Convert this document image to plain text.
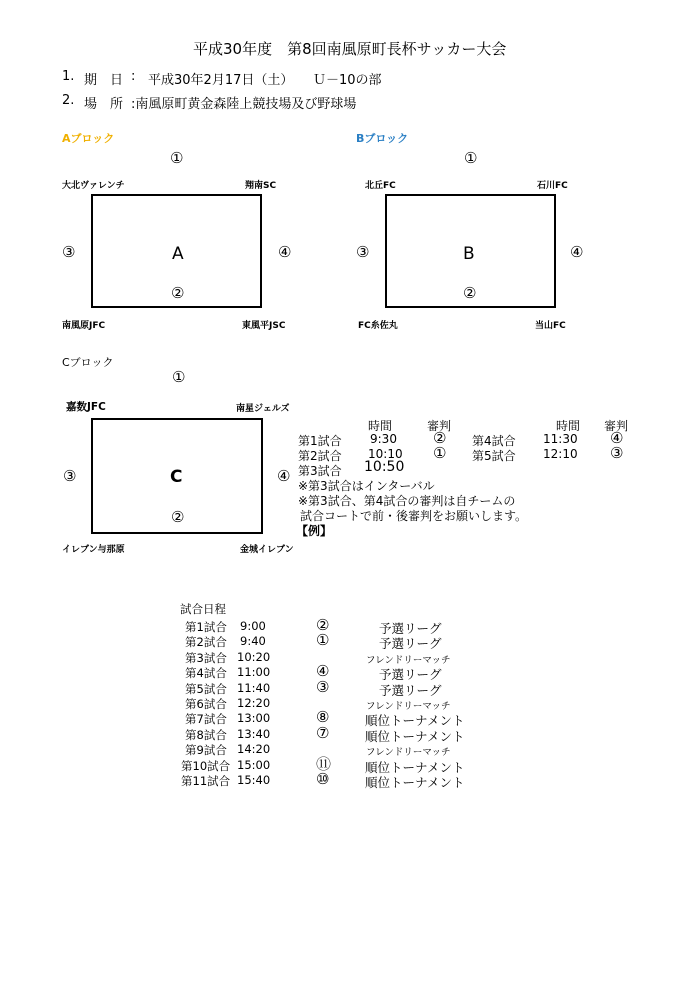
平成30年度　第8回南風原町長杯サッカー大会
1. 期　日 : 平成30年2月17日（土） Ｕ－10の部
2. 場　所 :南風原町黄金森陸上競技場及び野球場
Aブロック
①
大北ヴァレンチ	翔南SC
A
②
③	④
南風原JFC	東風平JSC
Bブロック
①
北丘FC	石川FC
B
②
③	④
FC糸佐丸	当山FC
Cブロック
①
嘉数JFC	南星ジェルズ
C
②
③	④
イレブン与那原	金城イレブン
時間	審判	時間 審判
第1試合 9:30 ②
第2試合 10:10 ①
第3試合 10:50
第4試合 11:30 ④
第5試合 12:10 ③
※第3試合はインターバル
※第3試合、第4試合の審判は自チームの
試合コートで前・後審判をお願いします。
【例】
試合日程
第1試合 9:00	②	予選リーグ
第2試合 9:40	①	予選リーグ
第3試合 10:20	フレンドリーマッチ
第4試合 11:00	④	予選リーグ
第5試合 11:40	③	予選リーグ
第6試合 12:20	フレンドリーマッチ
第7試合 13:00	⑧	順位トーナメント
第8試合 13:40	⑦	順位トーナメント
第9試合 14:20	フレンドリーマッチ
第10試合 15:00	⑪	順位トーナメント
第11試合 15:40	⑩	順位トーナメント
